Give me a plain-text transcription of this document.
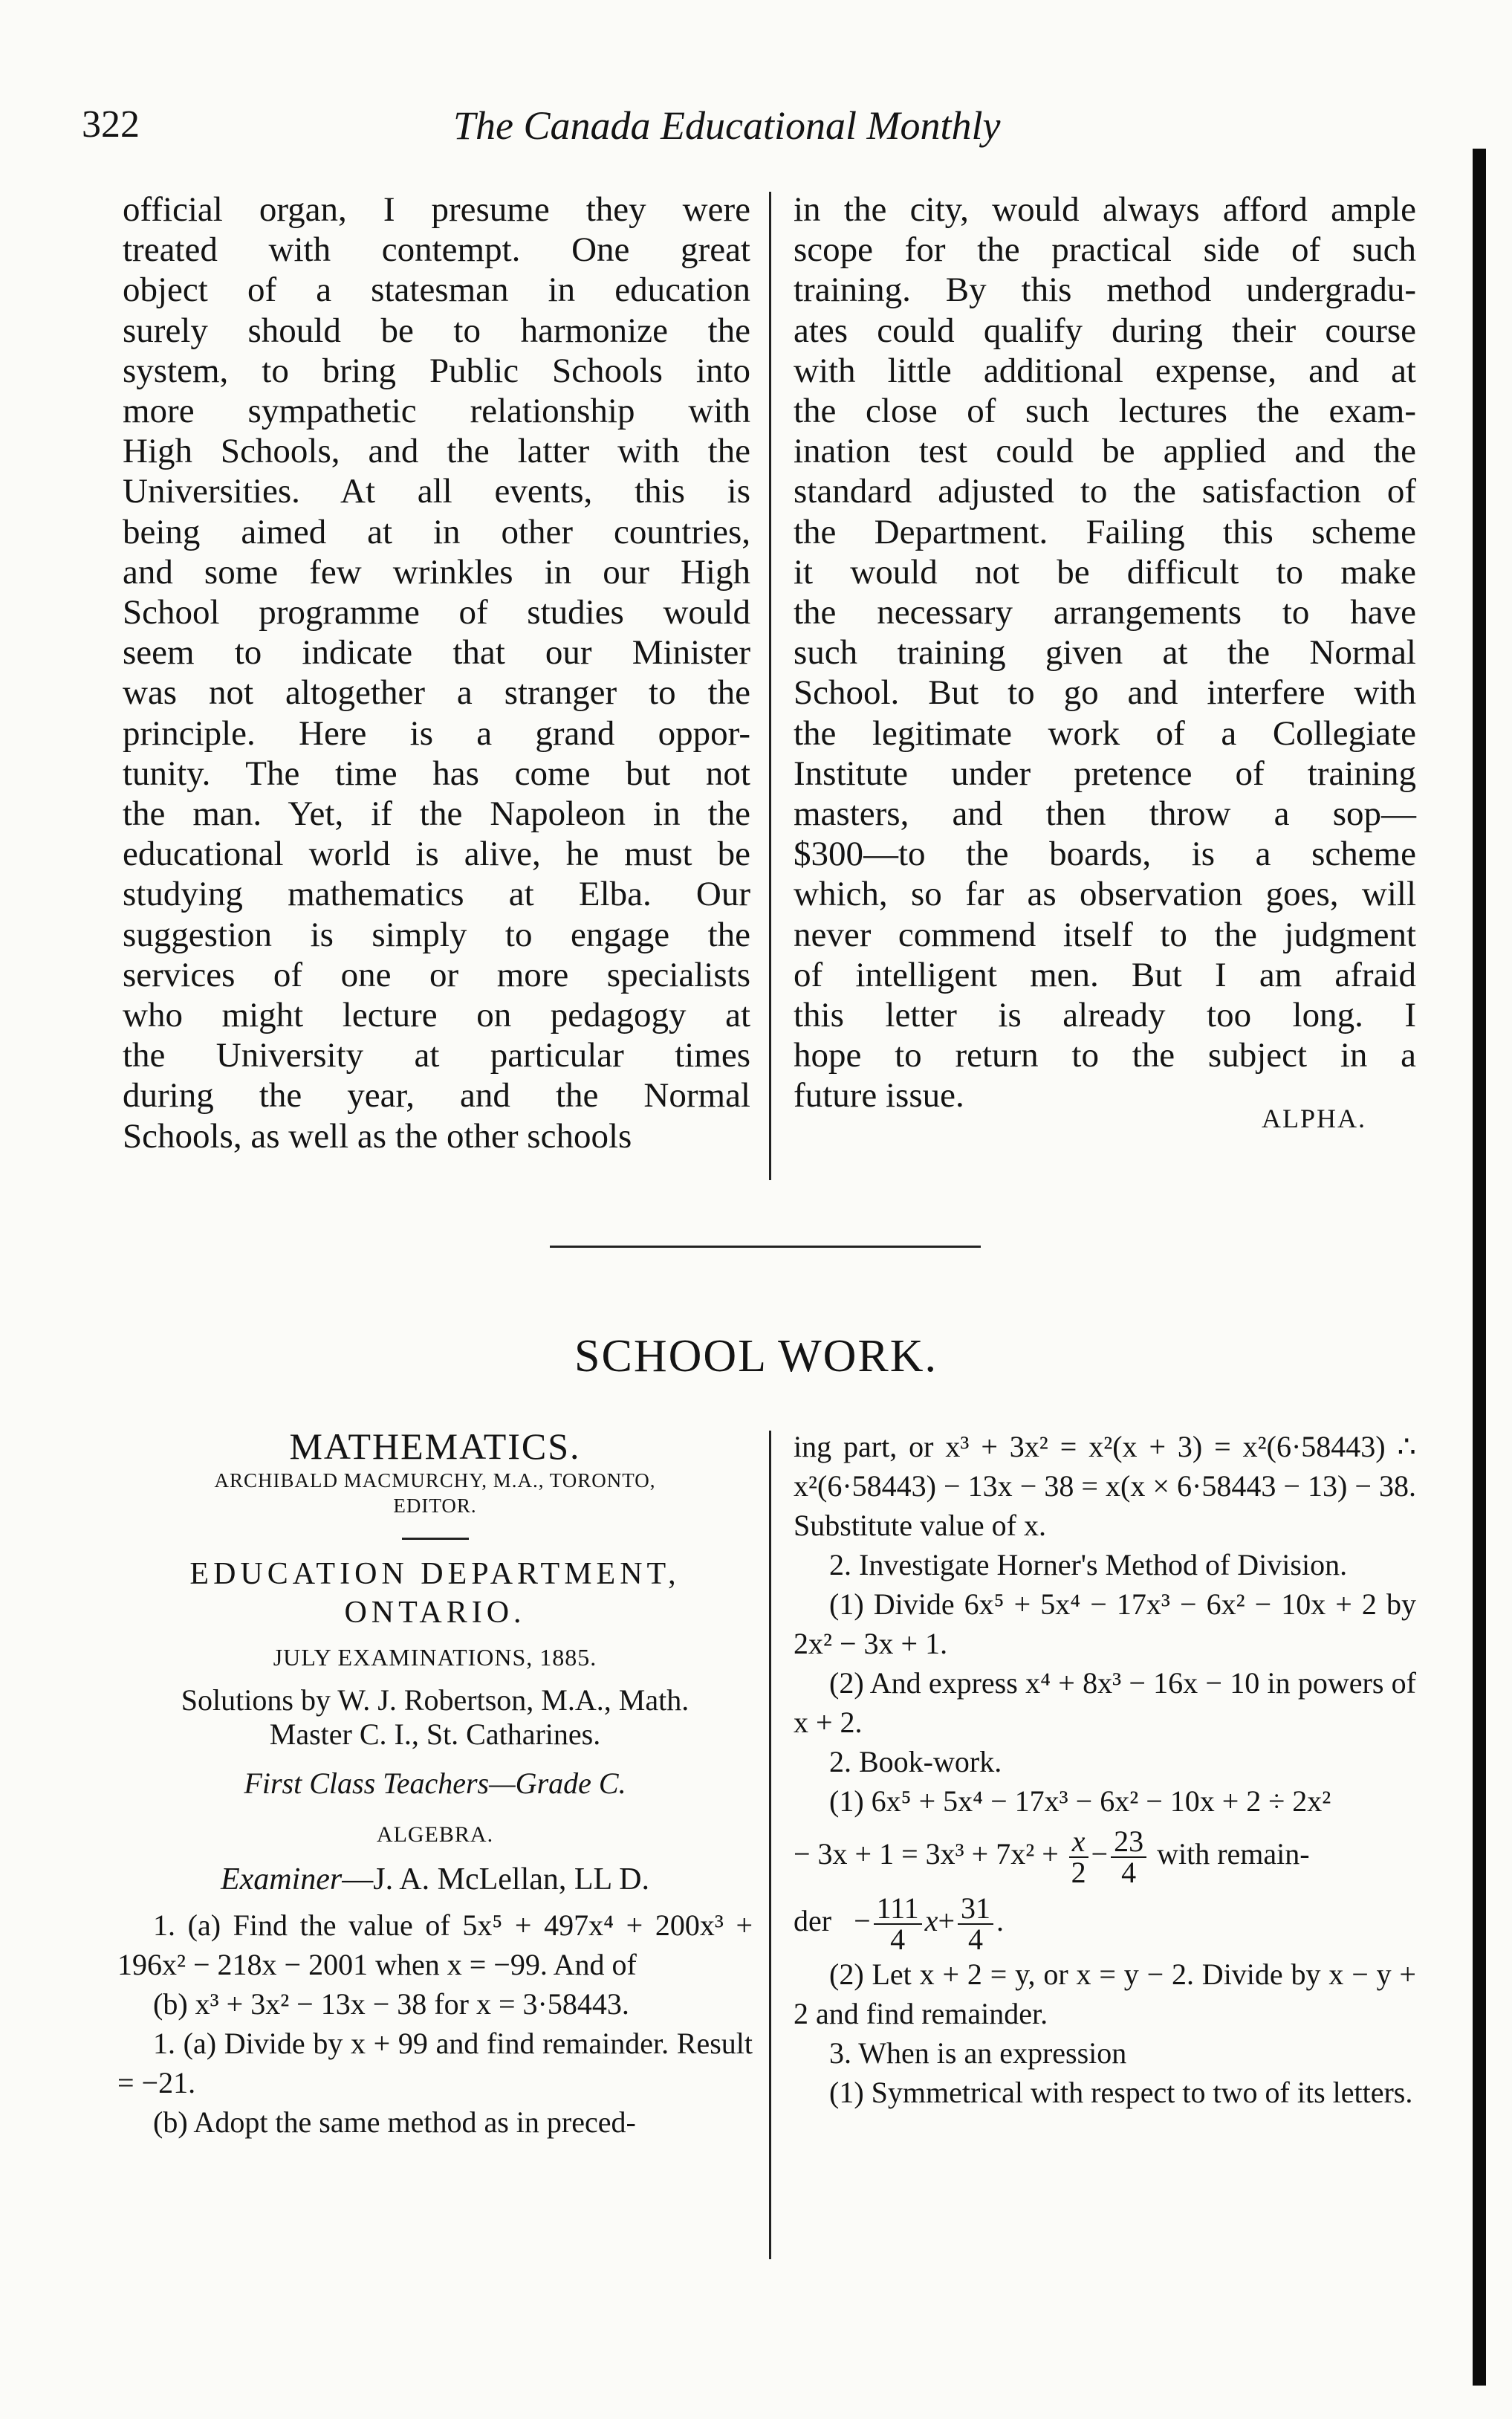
322	The Canada Educational Monthly

official organ, I presume they were

treated with contempt. One great

object of a statesman in education

surely should be to harmonize the

system, to bring Public Schools into

more sympathetic relationship with

High Schools, and the latter with the

Universities. At all events, this is

being aimed at in other countries,

and some few wrinkles in our High

School programme of studies would

seem to indicate that our Minister

was not altogether a stranger to the

principle. Here is a grand oppor-

tunity. The time has come but not

the man. Yet, if the Napoleon in the

educational world is alive, he must be

studying mathematics at Elba. Our

suggestion is simply to engage the

services of one or more specialists

who might lecture on pedagogy at

the University at particular times

during the year, and the Normal

Schools, as well as the other schools

in the city, would always afford ample

scope for the practical side of such

training. By this method undergradu-

ates could qualify during their course

with little additional expense, and at

the close of such lectures the exam-

ination test could be applied and the

standard adjusted to the satisfaction of

the Department. Failing this scheme

it would not be difficult to make

the necessary arrangements to have

such training given at the Normal

School. But to go and interfere with

the legitimate work of a Collegiate

Institute under pretence of training

masters, and then throw a sop—

$300—to the boards, is a scheme

which, so far as observation goes, will

never commend itself to the judgment

of intelligent men. But I am afraid

this letter is already too long. I

hope to return to the subject in a

future issue.

ALPHA.
SCHOOL WORK.

MATHEMATICS.

ARCHIBALD MACMURCHY, M.A., TORONTO,

EDITOR.

EDUCATION DEPARTMENT,

ONTARIO.

JULY EXAMINATIONS, 1885.

Solutions by W. J. Robertson, M.A., Math.

Master C. I., St. Catharines.

First Class Teachers—Grade C.

ALGEBRA.

Examiner—J. A. McLellan, LL D.

1. (a) Find the value of 5x⁵ + 497x⁴ + 200x³ + 196x² − 218x − 2001 when x = −99. And of

(b) x³ + 3x² − 13x − 38 for x = 3·58443.

1. (a) Divide by x + 99 and find remainder. Result = −21.

(b) Adopt the same method as in preced-

ing part, or x³ + 3x² = x²(x + 3) = x²(6·58443) ∴ x²(6·58443) − 13x − 38 = x(x × 6·58443 − 13) − 38. Substitute value of x.

2. Investigate Horner's Method of Division.

(1) Divide 6x⁵ + 5x⁴ − 17x³ − 6x² − 10x + 2 by 2x² − 3x + 1.

(2) And express x⁴ + 8x³ − 16x − 10 in powers of x + 2.

2. Book-work.

(1) 6x⁵ + 5x⁴ − 17x³ − 6x² − 10x + 2 ÷ 2x²

− $3x + 1 = 3x^3 + 7x^2 + \frac{x}{2} - \frac{23}{4}$ with remain-

der   − $\frac{111}{4} x+ \frac{31}{4}$ .

(2) Let x + 2 = y, or x = y − 2. Divide by x − y + 2 and find remainder.

3. When is an expression

(1) Symmetrical with respect to two of its letters.
